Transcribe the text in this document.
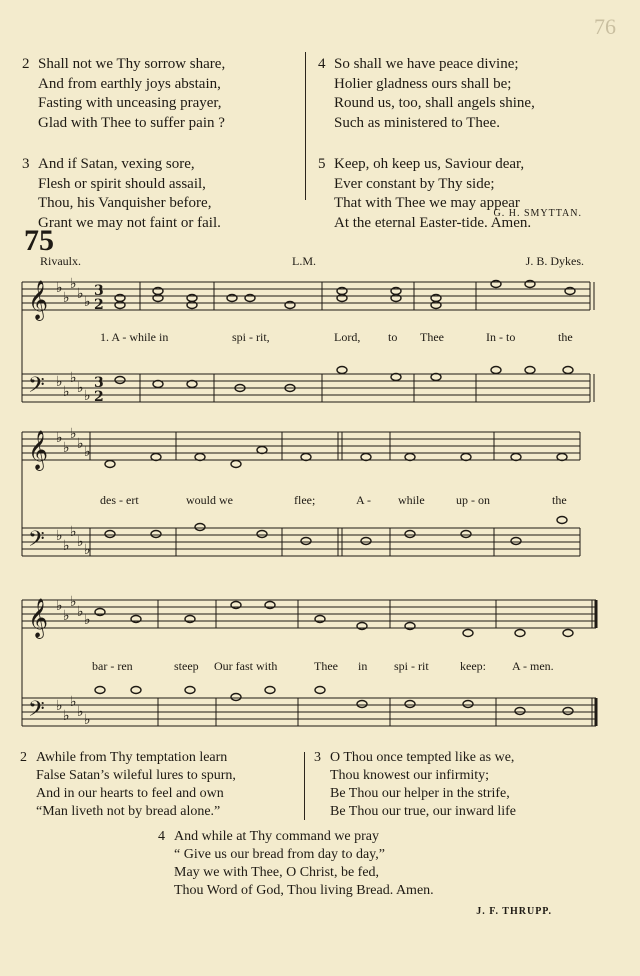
76
2 Shall not we Thy sorrow share,
And from earthly joys abstain,
Fasting with unceasing prayer,
Glad with Thee to suffer pain ?
3 And if Satan, vexing sore,
Flesh or spirit should assail,
Thou, his Vanquisher before,
Grant we may not faint or fail.
4 So shall we have peace divine;
Holier gladness ours shall be;
Round us, too, shall angels shine,
Such as ministered to Thee.
5 Keep, oh keep us, Saviour dear,
Ever constant by Thy side;
That with Thee we may appear
At the eternal Easter-tide. Amen.
G. H. SMYTTAN.
75
Rivaulx.	L.M.	J. B. Dykes.
𝄞
𝄢
𝄞
𝄢
𝄞
𝄢
♭
♭
♭
♭ ♭
♭
♭
♭
♭ ♭
♭
♭
♭
♭ ♭
♭
♭
♭
♭ ♭
♭
♭
♭
♭ ♭
♭
♭
♭
♭ ♭
3
2
3
2
1. A - while in	spi - rit,	Lord, to Thee	In - to	the
des - ert	would we	flee;	A - while	up - on	the
bar - ren	steep Our fast with	Thee in spi - rit	keep: A - men.
2 Awhile from Thy temptation learn
False Satan’s wileful lures to spurn,
And in our hearts to feel and own
“Man liveth not by bread alone.”
3 O Thou once tempted like as we,
Thou knowest our infirmity;
Be Thou our helper in the strife,
Be Thou our true, our inward life
4 And while at Thy command we pray
“ Give us our bread from day to day,”
May we with Thee, O Christ, be fed,
Thou Word of God, Thou living Bread. Amen.
J. F. THRUPP.
